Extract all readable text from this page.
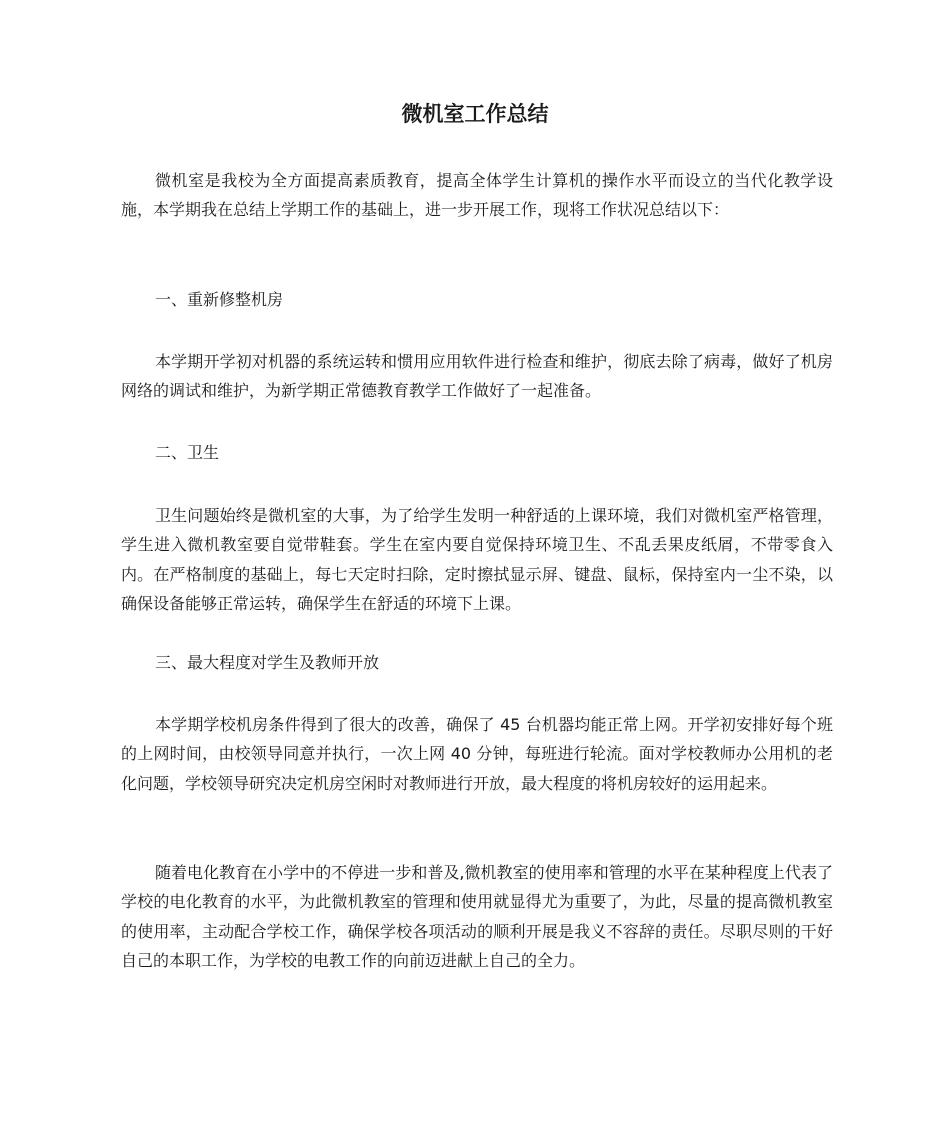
微机室工作总结

微机室是我校为全方面提高素质教育，提高全体学生计算机的操作水平而设立的当代化教学设施，本学期我在总结上学期工作的基础上，进一步开展工作，现将工作状况总结以下：

一、重新修整机房

本学期开学初对机器的系统运转和惯用应用软件进行检查和维护，彻底去除了病毒，做好了机房网络的调试和维护，为新学期正常德教育教学工作做好了一起准备。

二、卫生

卫生问题始终是微机室的大事，为了给学生发明一种舒适的上课环境，我们对微机室严格管理，学生进入微机教室要自觉带鞋套。学生在室内要自觉保持环境卫生、不乱丢果皮纸屑，不带零食入内。在严格制度的基础上，每七天定时扫除，定时擦拭显示屏、键盘、鼠标，保持室内一尘不染，以确保设备能够正常运转，确保学生在舒适的环境下上课。

三、最大程度对学生及教师开放

本学期学校机房条件得到了很大的改善，确保了 45 台机器均能正常上网。开学初安排好每个班的上网时间，由校领导同意并执行，一次上网 40 分钟，每班进行轮流。面对学校教师办公用机的老化问题，学校领导研究决定机房空闲时对教师进行开放，最大程度的将机房较好的运用起来。

随着电化教育在小学中的不停进一步和普及,微机教室的使用率和管理的水平在某种程度上代表了学校的电化教育的水平，为此微机教室的管理和使用就显得尤为重要了，为此，尽量的提高微机教室的使用率，主动配合学校工作，确保学校各项活动的顺利开展是我义不容辞的责任。尽职尽则的干好自己的本职工作，为学校的电教工作的向前迈进献上自己的全力。
